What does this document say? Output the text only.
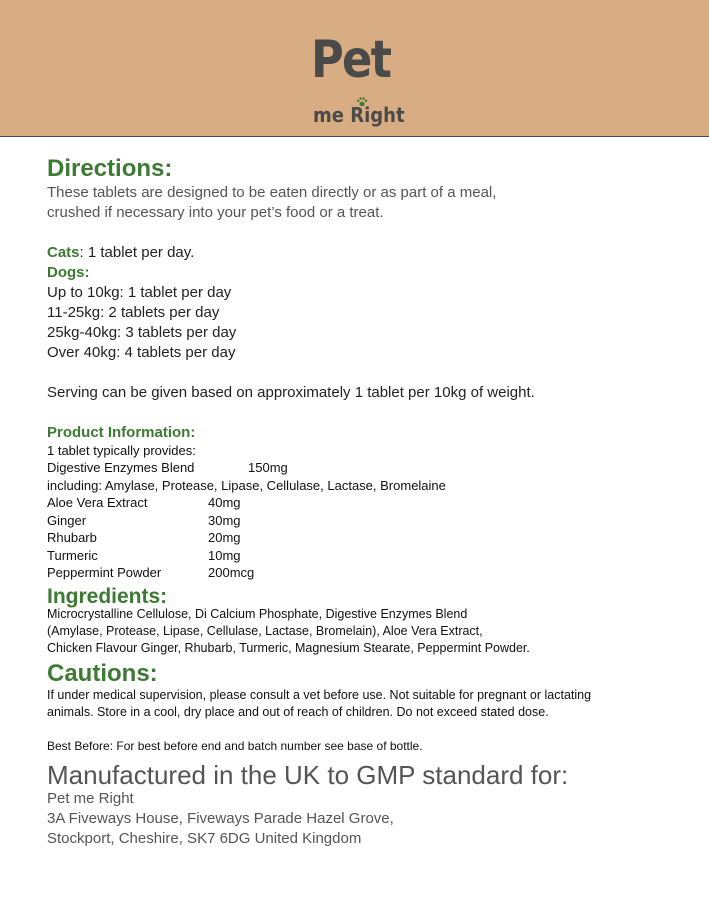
Pet
me Right
Directions:
These tablets are designed to be eaten directly or as part of a meal,
crushed if necessary into your pet’s food or a treat.
Cats: 1 tablet per day.
Dogs:
Up to 10kg: 1 tablet per day
11-25kg: 2 tablets per day
25kg-40kg: 3 tablets per day
Over 40kg: 4 tablets per day
Serving can be given based on approximately 1 tablet per 10kg of weight.
Product Information:
1 tablet typically provides:
Digestive Enzymes Blend	150mg
including: Amylase, Protease, Lipase, Cellulase, Lactase, Bromelaine
Aloe Vera Extract	40mg
Ginger	30mg
Rhubarb	20mg
Turmeric	10mg
Peppermint Powder	200mcg
Ingredients:
Microcrystalline Cellulose, Di Calcium Phosphate, Digestive Enzymes Blend
(Amylase, Protease, Lipase, Cellulase, Lactase, Bromelain), Aloe Vera Extract,
Chicken Flavour Ginger, Rhubarb, Turmeric, Magnesium Stearate, Peppermint Powder.
Cautions:
If under medical supervision, please consult a vet before use. Not suitable for pregnant or lactating
animals. Store in a cool, dry place and out of reach of children. Do not exceed stated dose.
Best Before: For best before end and batch number see base of bottle.
Manufactured in the UK to GMP standard for:
Pet me Right
3A Fiveways House, Fiveways Parade Hazel Grove,
Stockport, Cheshire, SK7 6DG United Kingdom
